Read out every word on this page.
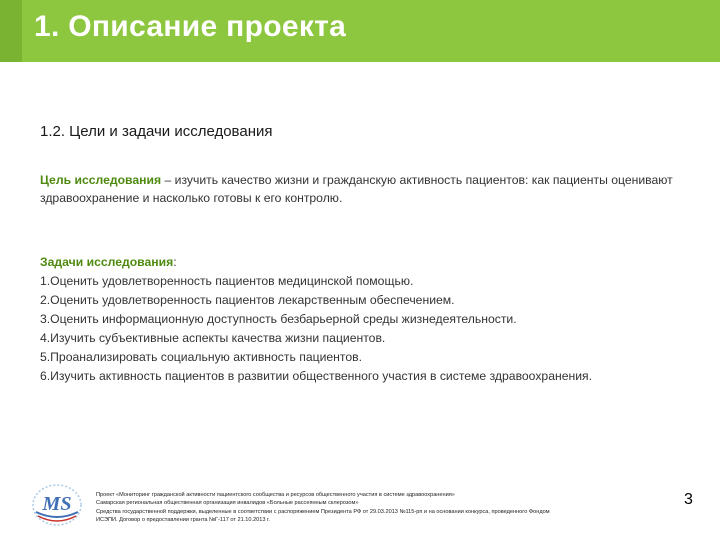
1. Описание проекта
1.2. Цели и задачи исследования
Цель исследования – изучить качество жизни и гражданскую активность пациентов: как пациенты оценивают здравоохранение и насколько готовы к его контролю.
Задачи исследования:
1.Оценить удовлетворенность пациентов медицинской помощью.
2.Оценить удовлетворенность пациентов лекарственным обеспечением.
3.Оценить информационную доступность безбарьерной среды жизнедеятельности.
4.Изучить субъективные аспекты качества жизни пациентов.
5.Проанализировать социальную активность пациентов.
6.Изучить активность пациентов в развитии общественного участия в системе здравоохранения.
MS	Проект «Мониторинг гражданской активности пациентского сообщества и ресурсов общественного участия в системе здравоохранения»
Самарская региональная общественная организация инвалидов «Больные рассеянным склерозом»
Средства государственной поддержки, выделенные в соответствии с распоряжением Президента РФ от 29.03.2013 №115-рп и на основании конкурса, проведенного Фондом
ИСЭПИ. Договор о предоставлении гранта №Г-117 от 21.10.2013 г.
3
